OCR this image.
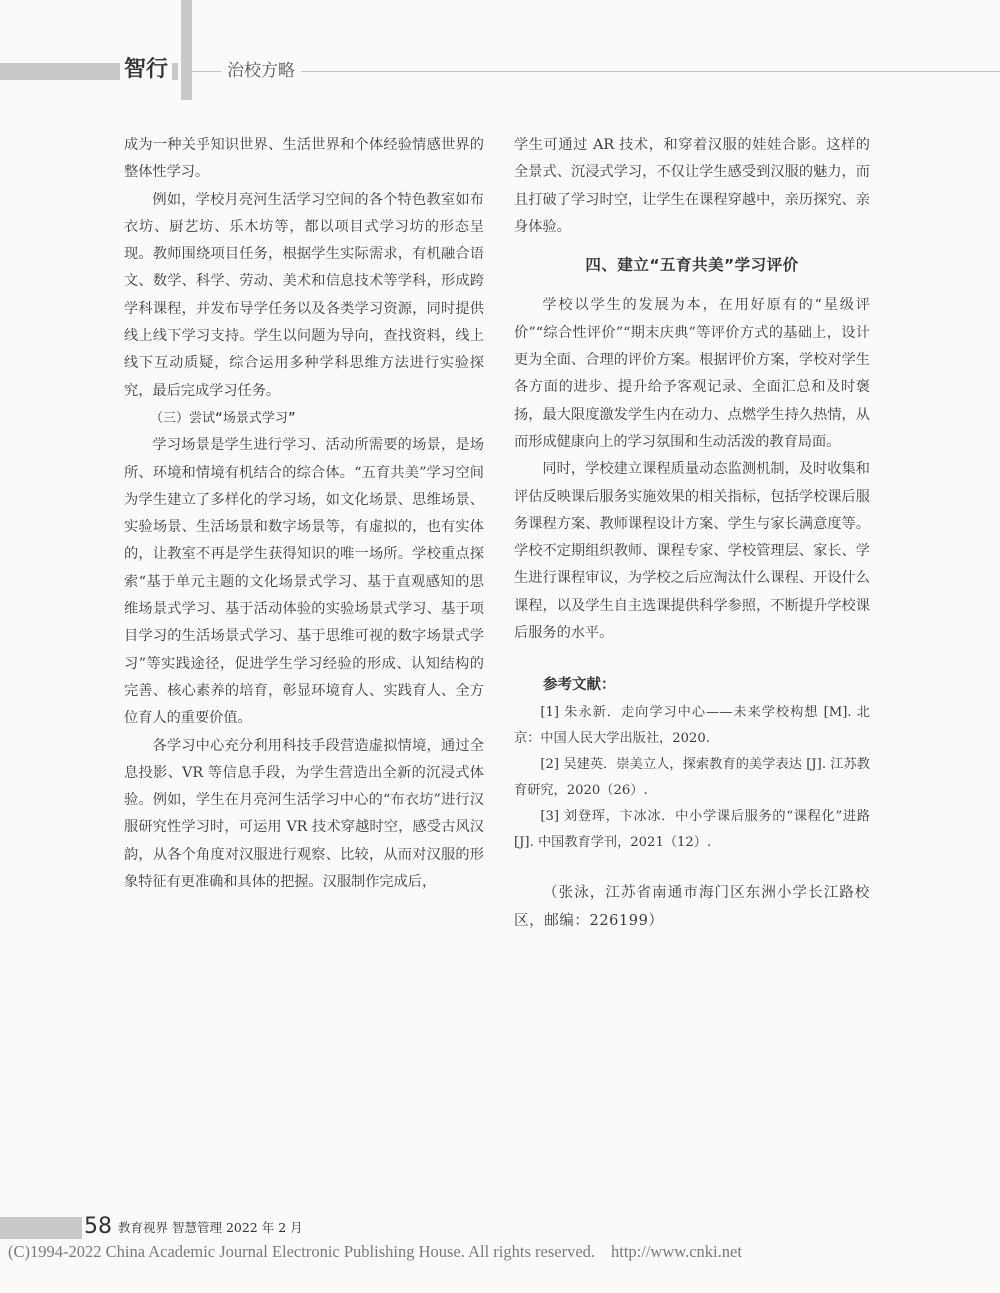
智行	治校方略

成为一种关乎知识世界、生活世界和个体经验情感世界的整体性学习。

例如，学校月亮河生活学习空间的各个特色教室如布衣坊、厨艺坊、乐木坊等，都以项目式学习坊的形态呈现。教师围绕项目任务，根据学生实际需求，有机融合语文、数学、科学、劳动、美术和信息技术等学科，形成跨学科课程，并发布导学任务以及各类学习资源，同时提供线上线下学习支持。学生以问题为导向，查找资料，线上线下互动质疑，综合运用多种学科思维方法进行实验探究，最后完成学习任务。

（三）尝试“场景式学习”

学习场景是学生进行学习、活动所需要的场景，是场所、环境和情境有机结合的综合体。“五育共美”学习空间为学生建立了多样化的学习场，如文化场景、思维场景、实验场景、生活场景和数字场景等，有虚拟的，也有实体的，让教室不再是学生获得知识的唯一场所。学校重点探索“基于单元主题的文化场景式学习、基于直观感知的思维场景式学习、基于活动体验的实验场景式学习、基于项目学习的生活场景式学习、基于思维可视的数字场景式学习”等实践途径，促进学生学习经验的形成、认知结构的完善、核心素养的培育，彰显环境育人、实践育人、全方位育人的重要价值。

各学习中心充分利用科技手段营造虚拟情境，通过全息投影、VR 等信息手段，为学生营造出全新的沉浸式体验。例如，学生在月亮河生活学习中心的“布衣坊”进行汉服研究性学习时，可运用 VR 技术穿越时空，感受古风汉韵，从各个角度对汉服进行观察、比较，从而对汉服的形象特征有更准确和具体的把握。汉服制作完成后，

学生可通过 AR 技术，和穿着汉服的娃娃合影。这样的全景式、沉浸式学习，不仅让学生感受到汉服的魅力，而且打破了学习时空，让学生在课程穿越中，亲历探究、亲身体验。

四、建立“五育共美”学习评价

学校以学生的发展为本，在用好原有的“星级评价”“综合性评价”“期末庆典”等评价方式的基础上，设计更为全面、合理的评价方案。根据评价方案，学校对学生各方面的进步、提升给予客观记录、全面汇总和及时褒扬，最大限度激发学生内在动力、点燃学生持久热情，从而形成健康向上的学习氛围和生动活泼的教育局面。

同时，学校建立课程质量动态监测机制，及时收集和评估反映课后服务实施效果的相关指标，包括学校课后服务课程方案、教师课程设计方案、学生与家长满意度等。学校不定期组织教师、课程专家、学校管理层、家长、学生进行课程审议，为学校之后应淘汰什么课程、开设什么课程，以及学生自主选课提供科学参照，不断提升学校课后服务的水平。

参考文献：

[1] 朱永新．走向学习中心——未来学校构想 [M]. 北京：中国人民大学出版社，2020.

[2] 吴建英．崇美立人，探索教育的美学表达 [J]. 江苏教育研究，2020（26）.

[3] 刘登珲，卞冰冰．中小学课后服务的“课程化”进路 [J]. 中国教育学刊，2021（12）.

（张泳，江苏省南通市海门区东洲小学长江路校区，邮编：226199）

58 教育视界 智慧管理 2022 年 2 月
(C)1994-2022 China Academic Journal Electronic Publishing House. All rights reserved. http://www.cnki.net
